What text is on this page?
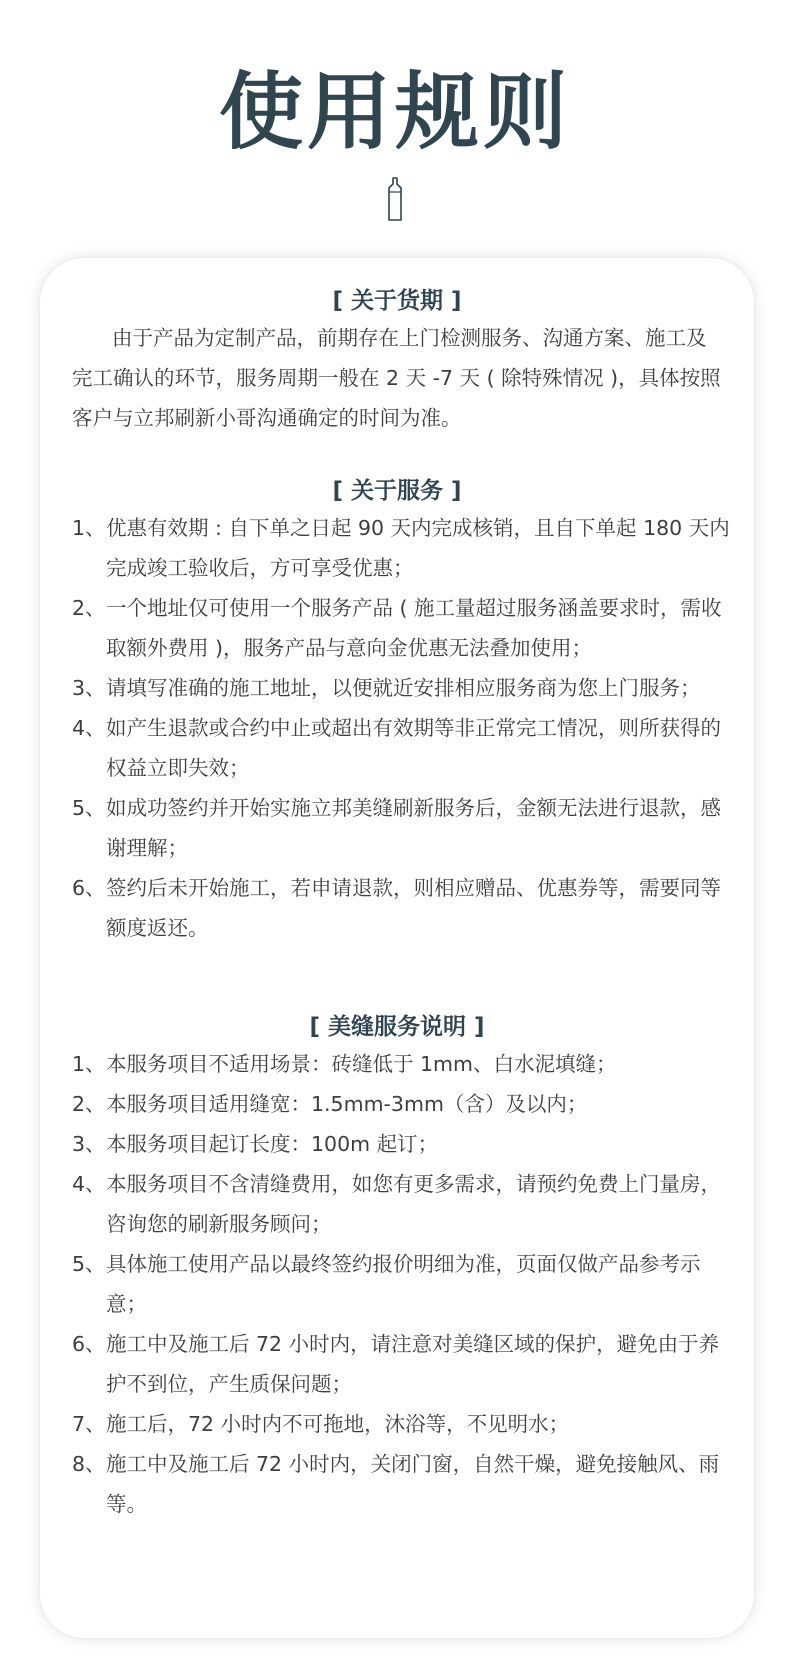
使用规则
[ 关于货期 ]

由于产品为定制产品，前期存在上门检测服务、沟通方案、施工及完工确认的环节，服务周期一般在 2 天 -7 天 ( 除特殊情况 )，具体按照客户与立邦刷新小哥沟通确定的时间为准。

[ 关于服务 ]
1、 优惠有效期 : 自下单之日起 90 天内完成核销，且自下单起 180 天内完成竣工验收后，方可享受优惠；
2、 一个地址仅可使用一个服务产品 ( 施工量超过服务涵盖要求时，需收取额外费用 )，服务产品与意向金优惠无法叠加使用；
3、 请填写准确的施工地址，以便就近安排相应服务商为您上门服务；
4、 如产生退款或合约中止或超出有效期等非正常完工情况，则所获得的权益立即失效；
5、 如成功签约并开始实施立邦美缝刷新服务后，金额无法进行退款，感谢理解；
6、 签约后未开始施工，若申请退款，则相应赠品、优惠券等，需要同等额度返还。
[ 美缝服务说明 ]
1、 本服务项目不适用场景：砖缝低于 1mm、白水泥填缝；
2、 本服务项目适用缝宽：1.5mm-3mm（含）及以内；
3、 本服务项目起订长度：100m 起订；
4、 本服务项目不含清缝费用，如您有更多需求，请预约免费上门量房，咨询您的刷新服务顾问；
5、 具体施工使用产品以最终签约报价明细为准，页面仅做产品参考示意；
6、 施工中及施工后 72 小时内，请注意对美缝区域的保护，避免由于养护不到位，产生质保问题；
7、 施工后，72 小时内不可拖地，沐浴等，不见明水；
8、 施工中及施工后 72 小时内，关闭门窗，自然干燥，避免接触风、雨等。
